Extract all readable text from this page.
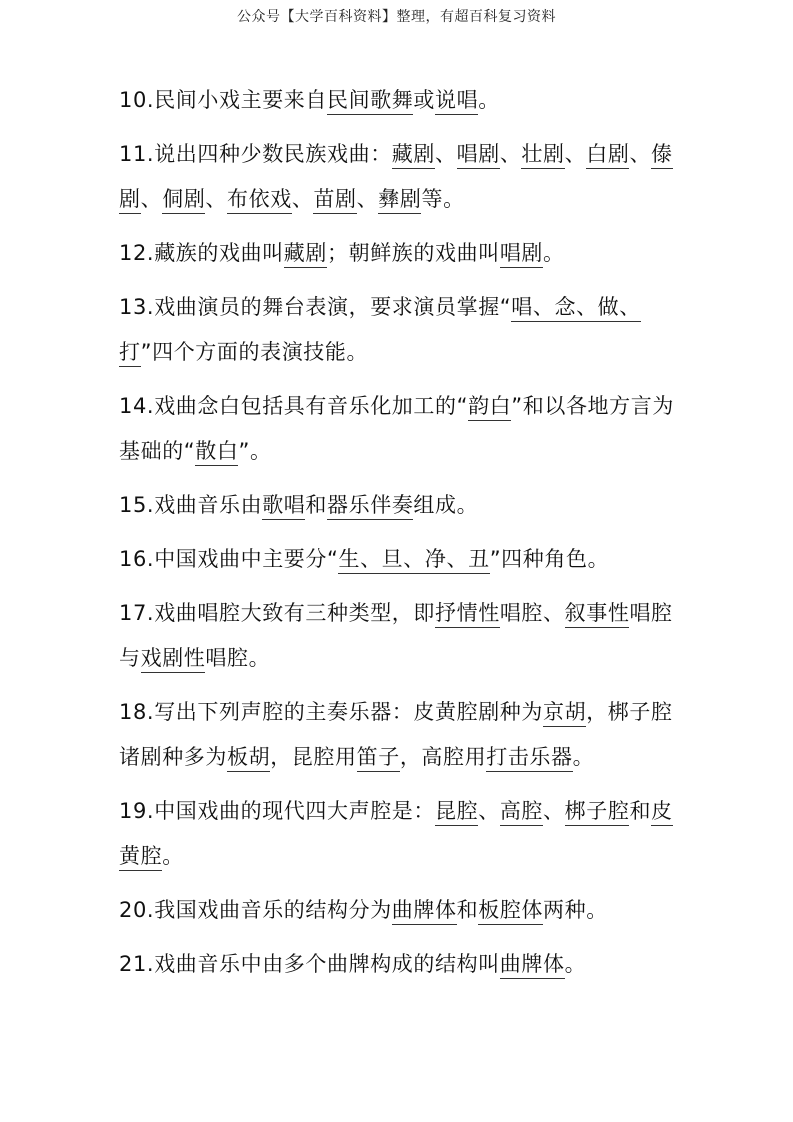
公众号【大学百科资料】整理，有超百科复习资料
10.民间小戏主要来自民间歌舞或说唱。
11.说出四种少数民族戏曲：藏剧、唱剧、壮剧、白剧、傣剧、侗剧、布依戏、苗剧、彝剧等。
12.藏族的戏曲叫藏剧；朝鲜族的戏曲叫唱剧。
13.戏曲演员的舞台表演，要求演员掌握“唱、念、做、打”四个方面的表演技能。
14.戏曲念白包括具有音乐化加工的“韵白”和以各地方言为基础的“散白”。
15.戏曲音乐由歌唱和器乐伴奏组成。
16.中国戏曲中主要分“生、旦、净、丑”四种角色。
17.戏曲唱腔大致有三种类型，即抒情性唱腔、叙事性唱腔与戏剧性唱腔。
18.写出下列声腔的主奏乐器：皮黄腔剧种为京胡，梆子腔诸剧种多为板胡，昆腔用笛子，高腔用打击乐器。
19.中国戏曲的现代四大声腔是：昆腔、高腔、梆子腔和皮黄腔。
20.我国戏曲音乐的结构分为曲牌体和板腔体两种。
21.戏曲音乐中由多个曲牌构成的结构叫曲牌体。
